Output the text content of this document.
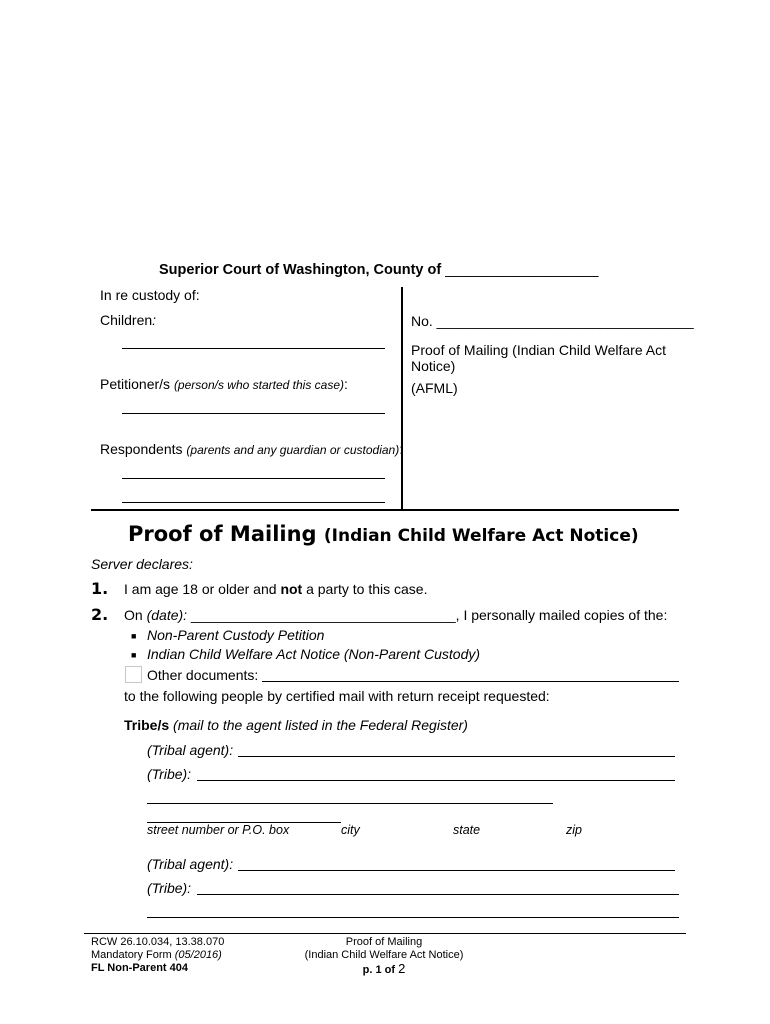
Superior Court of Washington, County of ___________________
In re custody of:
Children:
Petitioner/s (person/s who started this case):
Respondents (parents and any guardian or custodian):
No. _________________________________
Proof of Mailing (Indian Child Welfare Act
Notice)
(AFML)
Proof of Mailing (Indian Child Welfare Act Notice)
Server declares:
1. I am age 18 or older and not a party to this case.
2. On (date): __________________________________, I personally mailed copies of the:
■ Non-Parent Custody Petition
■ Indian Child Welfare Act Notice (Non-Parent Custody)
Other documents:
to the following people by certified mail with return receipt requested:
Tribe/s (mail to the agent listed in the Federal Register)
(Tribal agent):
(Tribe):
street number or P.O. box	city	state	zip
(Tribal agent):
(Tribe):
RCW 26.10.034, 13.38.070
Mandatory Form (05/2016)
FL Non-Parent 404
Proof of Mailing
(Indian Child Welfare Act Notice)
p. 1 of 2
